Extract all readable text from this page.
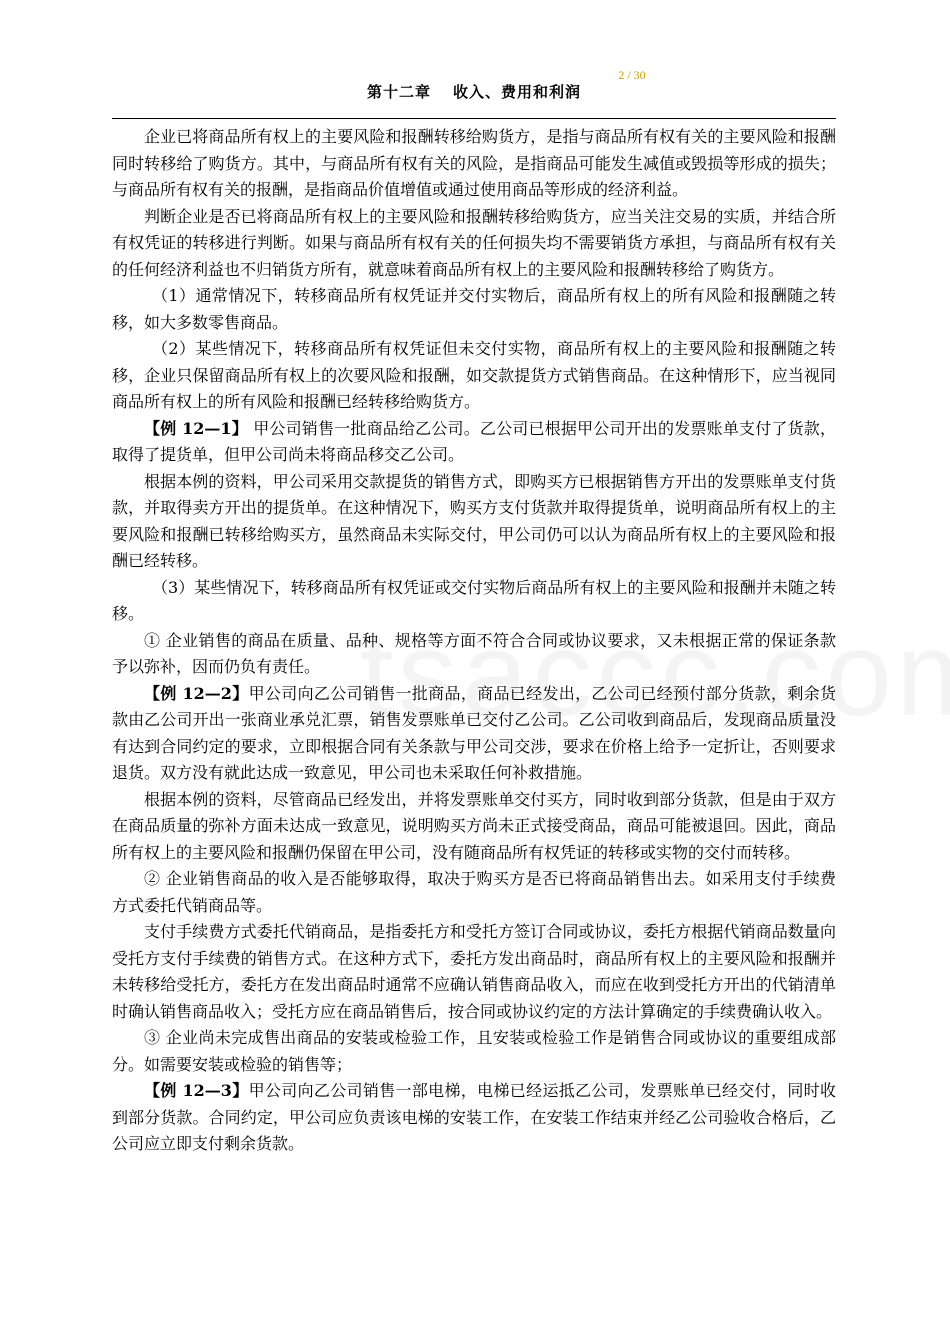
2 / 30
第十二章 收入、费用和利润

企业已将商品所有权上的主要风险和报酬转移给购货方，是指与商品所有权有关的主要风险和报酬同时转移给了购货方。其中，与商品所有权有关的风险，是指商品可能发生减值或毁损等形成的损失；与商品所有权有关的报酬，是指商品价值增值或通过使用商品等形成的经济利益。

判断企业是否已将商品所有权上的主要风险和报酬转移给购货方，应当关注交易的实质，并结合所有权凭证的转移进行判断。如果与商品所有权有关的任何损失均不需要销货方承担，与商品所有权有关的任何经济利益也不归销货方所有，就意味着商品所有权上的主要风险和报酬转移给了购货方。

（1）通常情况下，转移商品所有权凭证并交付实物后，商品所有权上的所有风险和报酬随之转移，如大多数零售商品。

（2）某些情况下，转移商品所有权凭证但未交付实物，商品所有权上的主要风险和报酬随之转移，企业只保留商品所有权上的次要风险和报酬，如交款提货方式销售商品。在这种情形下，应当视同商品所有权上的所有风险和报酬已经转移给购货方。

【例 12—1】 甲公司销售一批商品给乙公司。乙公司已根据甲公司开出的发票账单支付了货款，取得了提货单，但甲公司尚未将商品移交乙公司。

根据本例的资料，甲公司采用交款提货的销售方式，即购买方已根据销售方开出的发票账单支付货款，并取得卖方开出的提货单。在这种情况下，购买方支付货款并取得提货单，说明商品所有权上的主要风险和报酬已转移给购买方，虽然商品未实际交付，甲公司仍可以认为商品所有权上的主要风险和报酬已经转移。

（3）某些情况下，转移商品所有权凭证或交付实物后商品所有权上的主要风险和报酬并未随之转移。

① 企业销售的商品在质量、品种、规格等方面不符合合同或协议要求，又未根据正常的保证条款予以弥补，因而仍负有责任。

【例 12—2】甲公司向乙公司销售一批商品，商品已经发出，乙公司已经预付部分货款，剩余货款由乙公司开出一张商业承兑汇票，销售发票账单已交付乙公司。乙公司收到商品后，发现商品质量没有达到合同约定的要求，立即根据合同有关条款与甲公司交涉，要求在价格上给予一定折让，否则要求退货。双方没有就此达成一致意见，甲公司也未采取任何补救措施。

根据本例的资料，尽管商品已经发出，并将发票账单交付买方，同时收到部分货款，但是由于双方在商品质量的弥补方面未达成一致意见，说明购买方尚未正式接受商品，商品可能被退回。因此，商品所有权上的主要风险和报酬仍保留在甲公司，没有随商品所有权凭证的转移或实物的交付而转移。

② 企业销售商品的收入是否能够取得，取决于购买方是否已将商品销售出去。如采用支付手续费方式委托代销商品等。

支付手续费方式委托代销商品，是指委托方和受托方签订合同或协议，委托方根据代销商品数量向受托方支付手续费的销售方式。在这种方式下，委托方发出商品时，商品所有权上的主要风险和报酬并未转移给受托方，委托方在发出商品时通常不应确认销售商品收入，而应在收到受托方开出的代销清单时确认销售商品收入；受托方应在商品销售后，按合同或协议约定的方法计算确定的手续费确认收入。

③ 企业尚未完成售出商品的安装或检验工作，且安装或检验工作是销售合同或协议的重要组成部分。如需要安装或检验的销售等；

【例 12—3】甲公司向乙公司销售一部电梯，电梯已经运抵乙公司，发票账单已经交付，同时收到部分货款。合同约定，甲公司应负责该电梯的安装工作，在安装工作结束并经乙公司验收合格后，乙公司应立即支付剩余货款。
